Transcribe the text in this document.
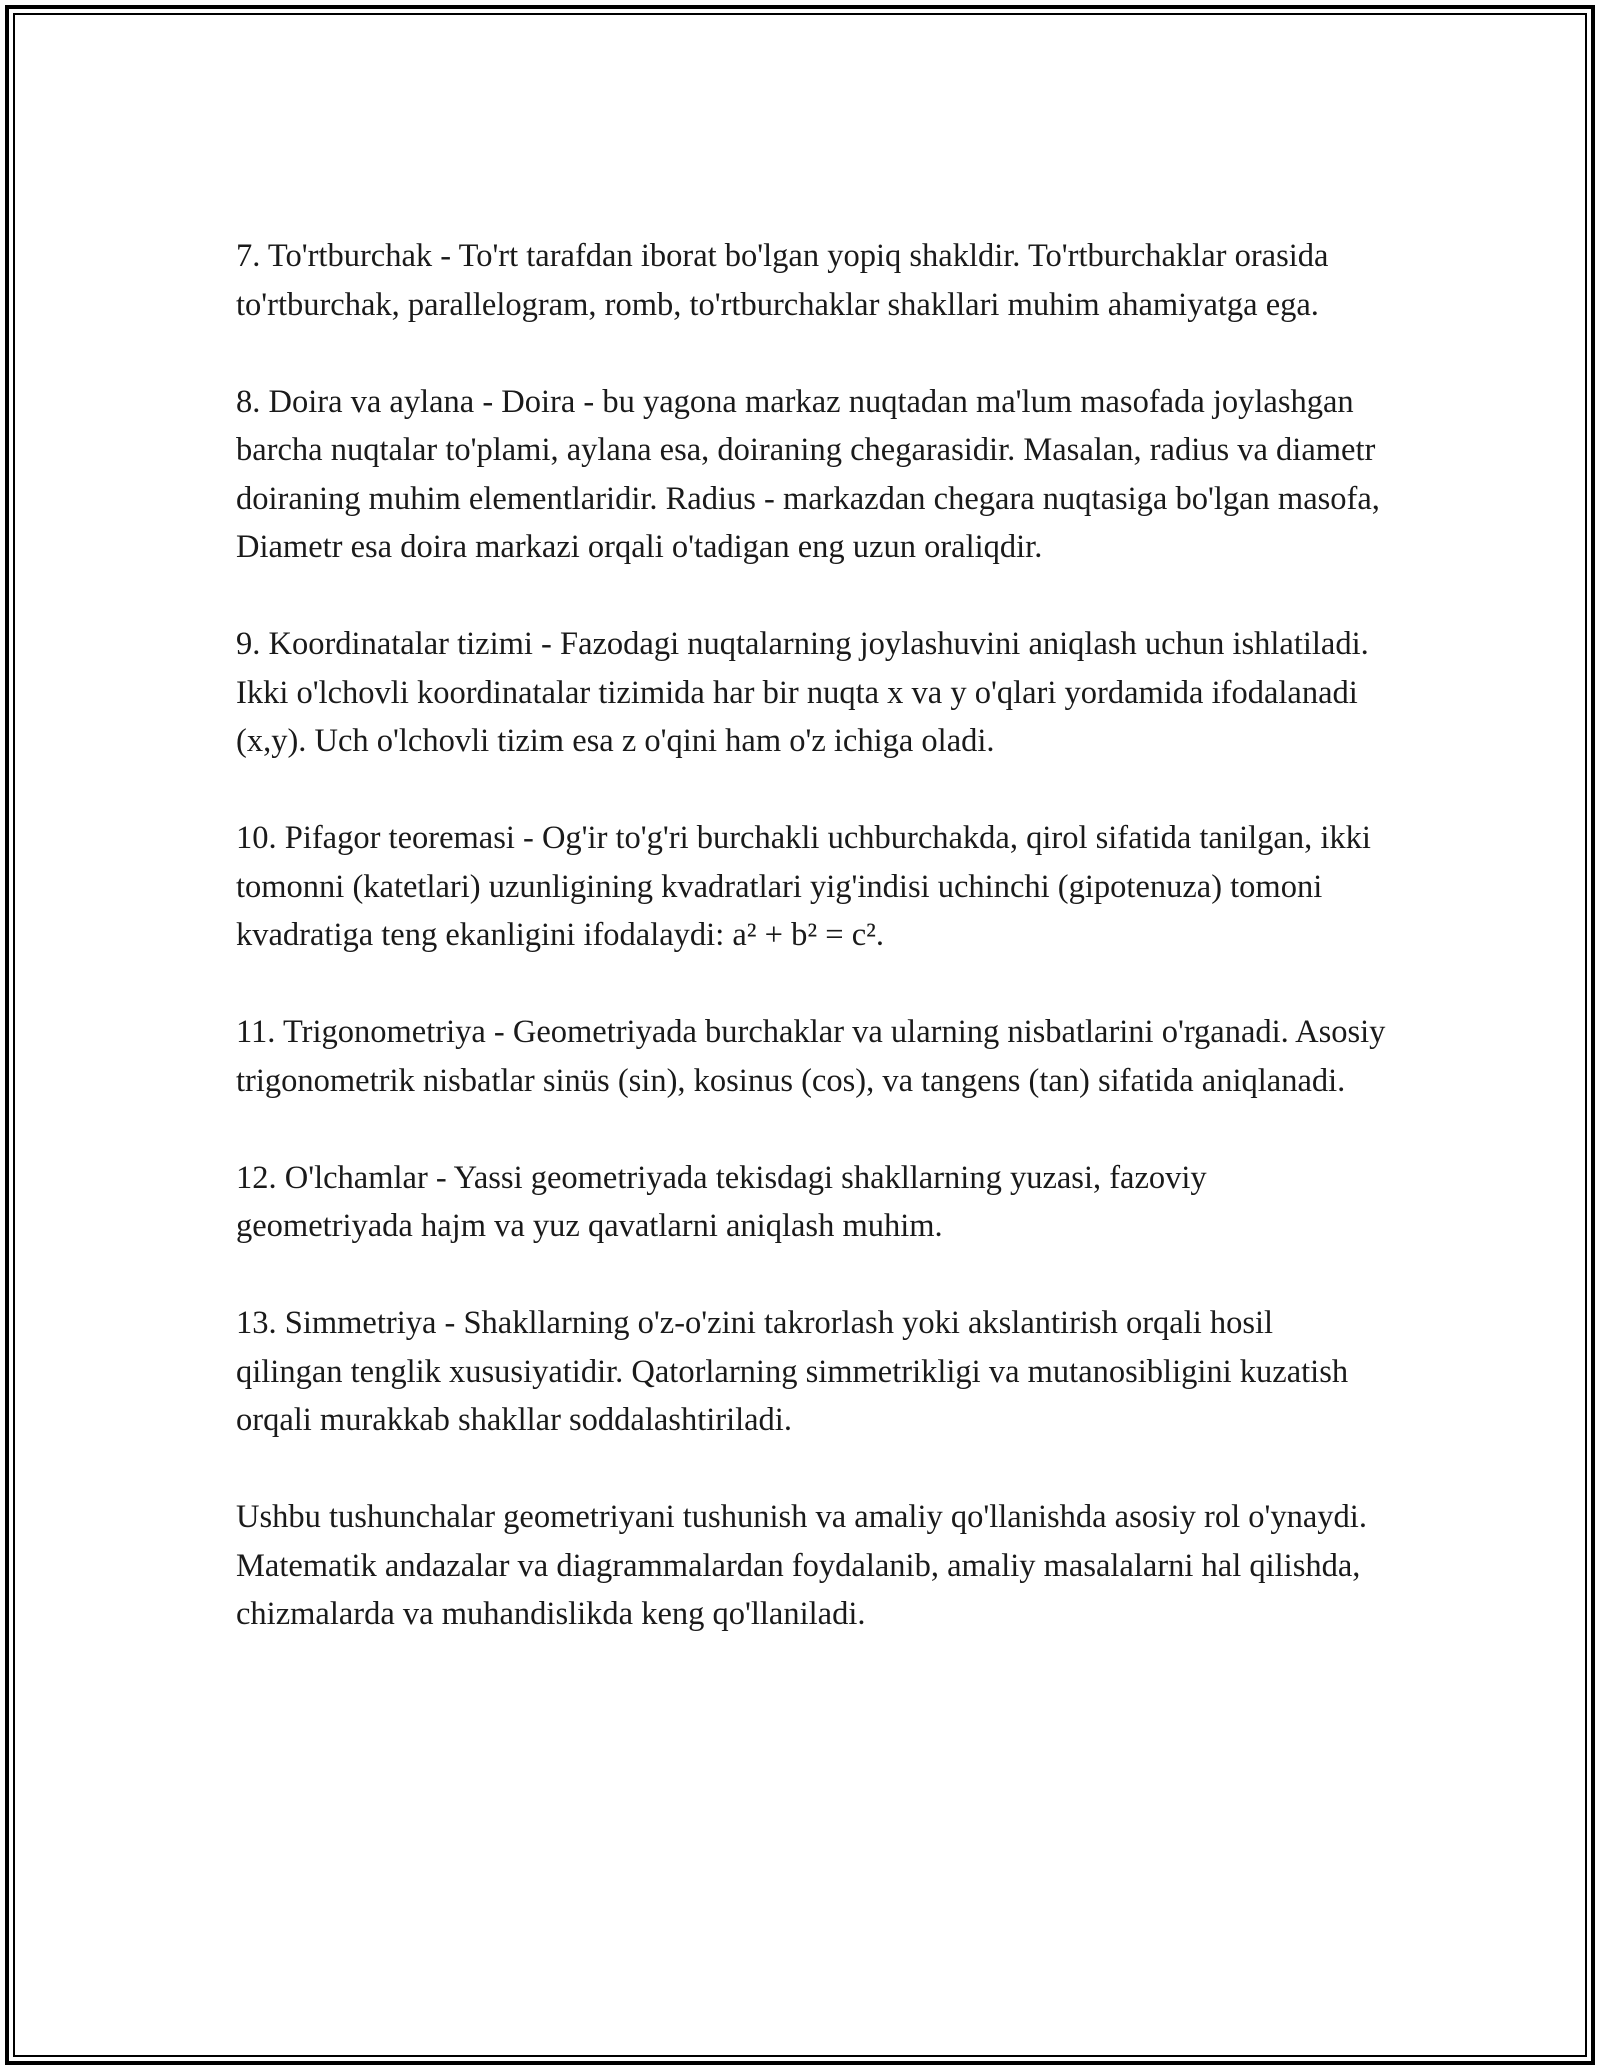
7. To'rtburchak - To'rt tarafdan iborat bo'lgan yopiq shakldir. To'rtburchaklar orasida to'rtburchak, parallelogram, romb, to'rtburchaklar shakllari muhim ahamiyatga ega.

8. Doira va aylana - Doira - bu yagona markaz nuqtadan ma'lum masofada joylashgan barcha nuqtalar to'plami, aylana esa, doiraning chegarasidir. Masalan, radius va diametr doiraning muhim elementlaridir. Radius - markazdan chegara nuqtasiga bo'lgan masofa, Diametr esa doira markazi orqali o'tadigan eng uzun oraliqdir.

9. Koordinatalar tizimi - Fazodagi nuqtalarning joylashuvini aniqlash uchun ishlatiladi. Ikki o'lchovli koordinatalar tizimida har bir nuqta x va y o'qlari yordamida ifodalanadi (x,y). Uch o'lchovli tizim esa z o'qini ham o'z ichiga oladi.

10. Pifagor teoremasi - Og'ir to'g'ri burchakli uchburchakda, qirol sifatida tanilgan, ikki tomonni (katetlari) uzunligining kvadratlari yig'indisi uchinchi (gipotenuza) tomoni kvadratiga teng ekanligini ifodalaydi: a² + b² = c².

11. Trigonometriya - Geometriyada burchaklar va ularning nisbatlarini o'rganadi. Asosiy trigonometrik nisbatlar sinüs (sin), kosinus (cos), va tangens (tan) sifatida aniqlanadi.

12. O'lchamlar - Yassi geometriyada tekisdagi shakllarning yuzasi, fazoviy geometriyada hajm va yuz qavatlarni aniqlash muhim.

13. Simmetriya - Shakllarning o'z-o'zini takrorlash yoki akslantirish orqali hosil qilingan tenglik xususiyatidir. Qatorlarning simmetrikligi va mutanosibligini kuzatish orqali murakkab shakllar soddalashtiriladi.

Ushbu tushunchalar geometriyani tushunish va amaliy qo'llanishda asosiy rol o'ynaydi. Matematik andazalar va diagrammalardan foydalanib, amaliy masalalarni hal qilishda, chizmalarda va muhandislikda keng qo'llaniladi.
